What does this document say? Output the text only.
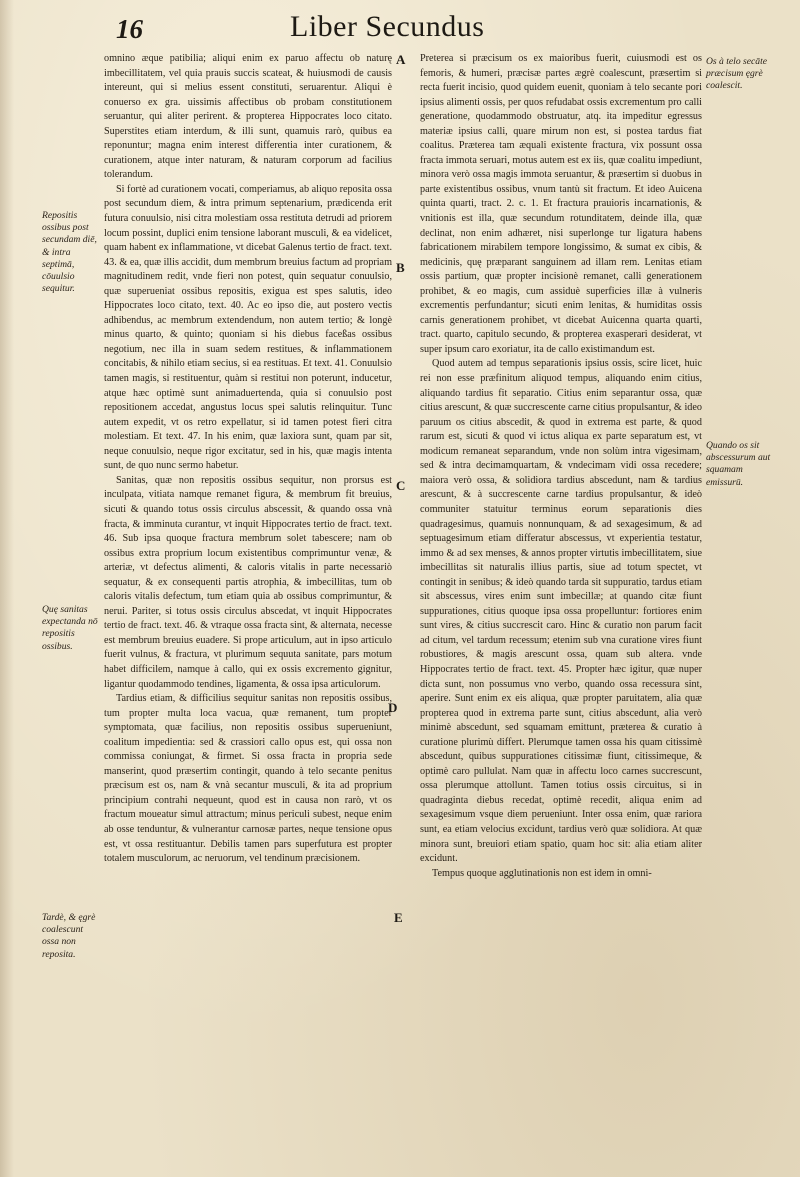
16	Liber Secundus
Repositis ossibus post secundam diē, & intra septimā, cōuulsio sequitur.
Quę sanitas expectanda nō repositis ossibus.
Tardè, & ęgrè coalescunt ossa non reposita.
Os à telo secāte præcisum ęgrè coalescit.
Quando os sit abscessurum aut squamam emissurū.
A
B
C
D
E

omnino æque patibilia; aliqui enim ex paruo affectu ob naturę imbecillitatem, vel quia prauis succis scateat, & huiusmodi de causis intereunt, qui si melius essent constituti, seruarentur. Aliqui è conuerso ex gra. uissimis affectibus ob probam constitutionem seruantur, qui aliter perirent. & propterea Hippocrates loco citato. Superstites etiam interdum, & illi sunt, quamuis rarò, quibus ea reponuntur; magna enim interest differentia inter curationem, & curationem, atque inter naturam, & naturam corporum ad facilius tolerandum.

Si fortè ad curationem vocati, comperiamus, ab aliquo reposita ossa post secundum diem, & intra primum septenarium, prædicenda erit futura conuulsio, nisi citra molestiam ossa restituta detrudi ad priorem locum possint, duplici enim tensione laborant musculi, & ea videlicet, quam habent ex inflammatione, vt dicebat Galenus tertio de fract. text. 43. & ea, quæ illis accidit, dum membrum breuius factum ad propriam magnitudinem redit, vnde fieri non potest, quin sequatur conuulsio, quæ superueniat ossibus repositis, exigua est spes salutis, ideo Hippocrates loco citato, text. 40. Ac eo ipso die, aut postero vectis adhibendus, ac membrum extendendum, non autem tertio; & longè minus quarto, & quinto; quoniam si his diebus faceßas ossibus negotium, nec illa in suam sedem restitues, & inflammationem concitabis, & nihilo etiam secius, si ea restituas. Et text. 41. Conuulsio tamen magis, si restituentur, quàm si restitui non poterunt, inducetur, atque hæc optimè sunt animaduertenda, quia si conuulsio post repositionem accedat, angustus locus spei salutis relinquitur. Tunc autem expedit, vt os retro expellatur, si id tamen potest fieri citra molestiam. Et text. 47. In his enim, quæ laxiora sunt, quam par sit, neque conuulsio, neque rigor excitatur, sed in his, quæ magis intenta sunt, de quo nunc sermo habetur.

Sanitas, quæ non repositis ossibus sequitur, non prorsus est inculpata, vitiata namque remanet figura, & membrum fit breuius, sicuti & quando totus ossis circulus abscessit, & quando ossa vnà fracta, & imminuta curantur, vt inquit Hippocrates tertio de fract. text. 46. Sub ipsa quoque fractura membrum solet tabescere; nam ob ossibus extra proprium locum existentibus comprimuntur venæ, & arteriæ, vt defectus alimenti, & caloris vitalis in parte necessariò sequatur, & ex consequenti partis atrophia, & imbecillitas, tum ob caloris vitalis defectum, tum etiam quia ab ossibus comprimuntur, & nerui. Pariter, si totus ossis circulus abscedat, vt inquit Hippocrates tertio de fract. text. 46. & vtraque ossa fracta sint, & alternata, necesse est membrum breuius euadere. Si prope articulum, aut in ipso articulo fuerit vulnus, & fractura, vt plurimum sequuta sanitate, pars motum habet difficilem, namque à callo, qui ex ossis excremento gignitur, ligantur quodammodo tendines, ligamenta, & ossa ipsa articulorum.

Tardius etiam, & difficilius sequitur sanitas non repositis ossibus, tum propter multa loca vacua, quæ remanent, tum propter symptomata, quæ facilius, non repositis ossibus superueniunt, coalitum impedientia: sed & crassiori callo opus est, qui ossa non commissa coniungat, & firmet. Si ossa fracta in propria sede manserint, quod præsertim contingit, quando à telo secante penitus præcisum est os, nam & vnà secantur musculi, & ita ad proprium principium contrahi nequeunt, quod est in causa non rarò, vt os fractum moueatur simul attractum; minus periculi subest, neque enim ab osse tenduntur, & vulnerantur carnosæ partes, neque tensione opus est, vt ossa restituantur. Debilis tamen pars superfutura est propter totalem musculorum, ac neruorum, vel tendinum præcisionem.

Preterea si præcisum os ex maioribus fuerit, cuiusmodi est os femoris, & humeri, præcisæ partes ægrè coalescunt, præsertim si recta fuerit incisio, quod quidem euenit, quoniam à telo secante pori ipsius alimenti ossis, per quos refudabat ossis excrementum pro calli generatione, quodammodo obstruatur, atq. ita impeditur egressus materiæ ipsius calli, quare mirum non est, si postea tardus fiat coalitus. Præterea tam æquali existente fractura, vix possunt ossa fracta immota seruari, motus autem est ex iis, quæ coalitu impediunt, minora verò ossa magis immota seruantur, & præsertim si duobus in parte existentibus ossibus, vnum tantù sit fractum. Et ideo Auicena quinta quarti, tract. 2. c. 1. Et fractura prauioris incarnationis, & vnitionis est illa, quæ secundum rotunditatem, deinde illa, quæ declinat, non enim adhæret, nisi superlonge tur ligatura habens fabricationem mirabilem tempore longissimo, & sumat ex cibis, & medicinis, quę præparant sanguinem ad illam rem. Lenitas etiam ossis partium, quæ propter incisionè remanet, calli generationem prohibet, & eo magis, cum assiduè superficies illæ à vulneris excrementis perfundantur; sicuti enim lenitas, & humiditas ossis carnis generationem prohibet, vt dicebat Auicenna quarta quarti, tract. quarto, capitulo secundo, & propterea exasperari desiderat, vt super ipsum caro exoriatur, ita de callo existimandum est.

Quod autem ad tempus separationis ipsius ossis, scire licet, huic rei non esse præfinitum aliquod tempus, aliquando enim citius, aliquando tardius fit separatio. Citius enim separantur ossa, quæ citius arescunt, & quæ succrescente carne citius propulsantur, & ideo paruum os citius abscedit, & quod in extrema est parte, & quod rarum est, sicuti & quod vi ictus aliqua ex parte separatum est, vt modicum remaneat separandum, vnde non solùm intra vigesimam, sed & intra decimamquartam, & vndecimam vidi ossa recedere; maiora verò ossa, & solidiora tardius abscedunt, nam & tardius arescunt, & à succrescente carne tardius propulsantur, & ideò communiter statuitur terminus eorum separationis dies quadragesimus, quamuis nonnunquam, & ad sexagesimum, & ad septuagesimum etiam differatur abscessus, vt experientia testatur, immo & ad sex menses, & annos propter virtutis imbecillitatem, siue imbecillitas sit naturalis illius partis, siue ad totum spectet, vt contingit in senibus; & ideò quando tarda sit suppuratio, tardus etiam sit abscessus, vires enim sunt imbecillæ; at quando citæ fiunt suppurationes, citius quoque ipsa ossa propelluntur: fortiores enim sunt vires, & citius succrescit caro. Hinc & curatio non parum facit ad citum, vel tardum recessum; etenim sub vna curatione vires fiunt robustiores, & magis arescunt ossa, quam sub altera. vnde Hippocrates tertio de fract. text. 45. Propter hæc igitur, quæ nuper dicta sunt, non possumus vno verbo, quando ossa recessura sint, aperire. Sunt enim ex eis aliqua, quæ propter paruitatem, alia quæ propterea quod in extrema parte sunt, citius abscedunt, alia verò minimè abscedunt, sed squamam emittunt, præterea & curatio à curatione plurimù differt. Plerumque tamen ossa his quam citissimè abscedunt, quibus suppurationes citissimæ fiunt, citissimeque, & optimè caro pullulat. Nam quæ in affectu loco carnes succrescunt, ossa plerumque attollunt. Tamen totius ossis circuitus, si in quadraginta diebus recedat, optimè recedit, aliqua enim ad sexagesimum vsque diem perueniunt. Inter ossa enim, quæ rariora sunt, ea etiam velocius excidunt, tardius verò quæ solidiora. At quæ minora sunt, breuiori etiam spatio, quam hoc sit: alia etiam aliter excidunt.

Tempus quoque agglutinationis non est idem in omni-
